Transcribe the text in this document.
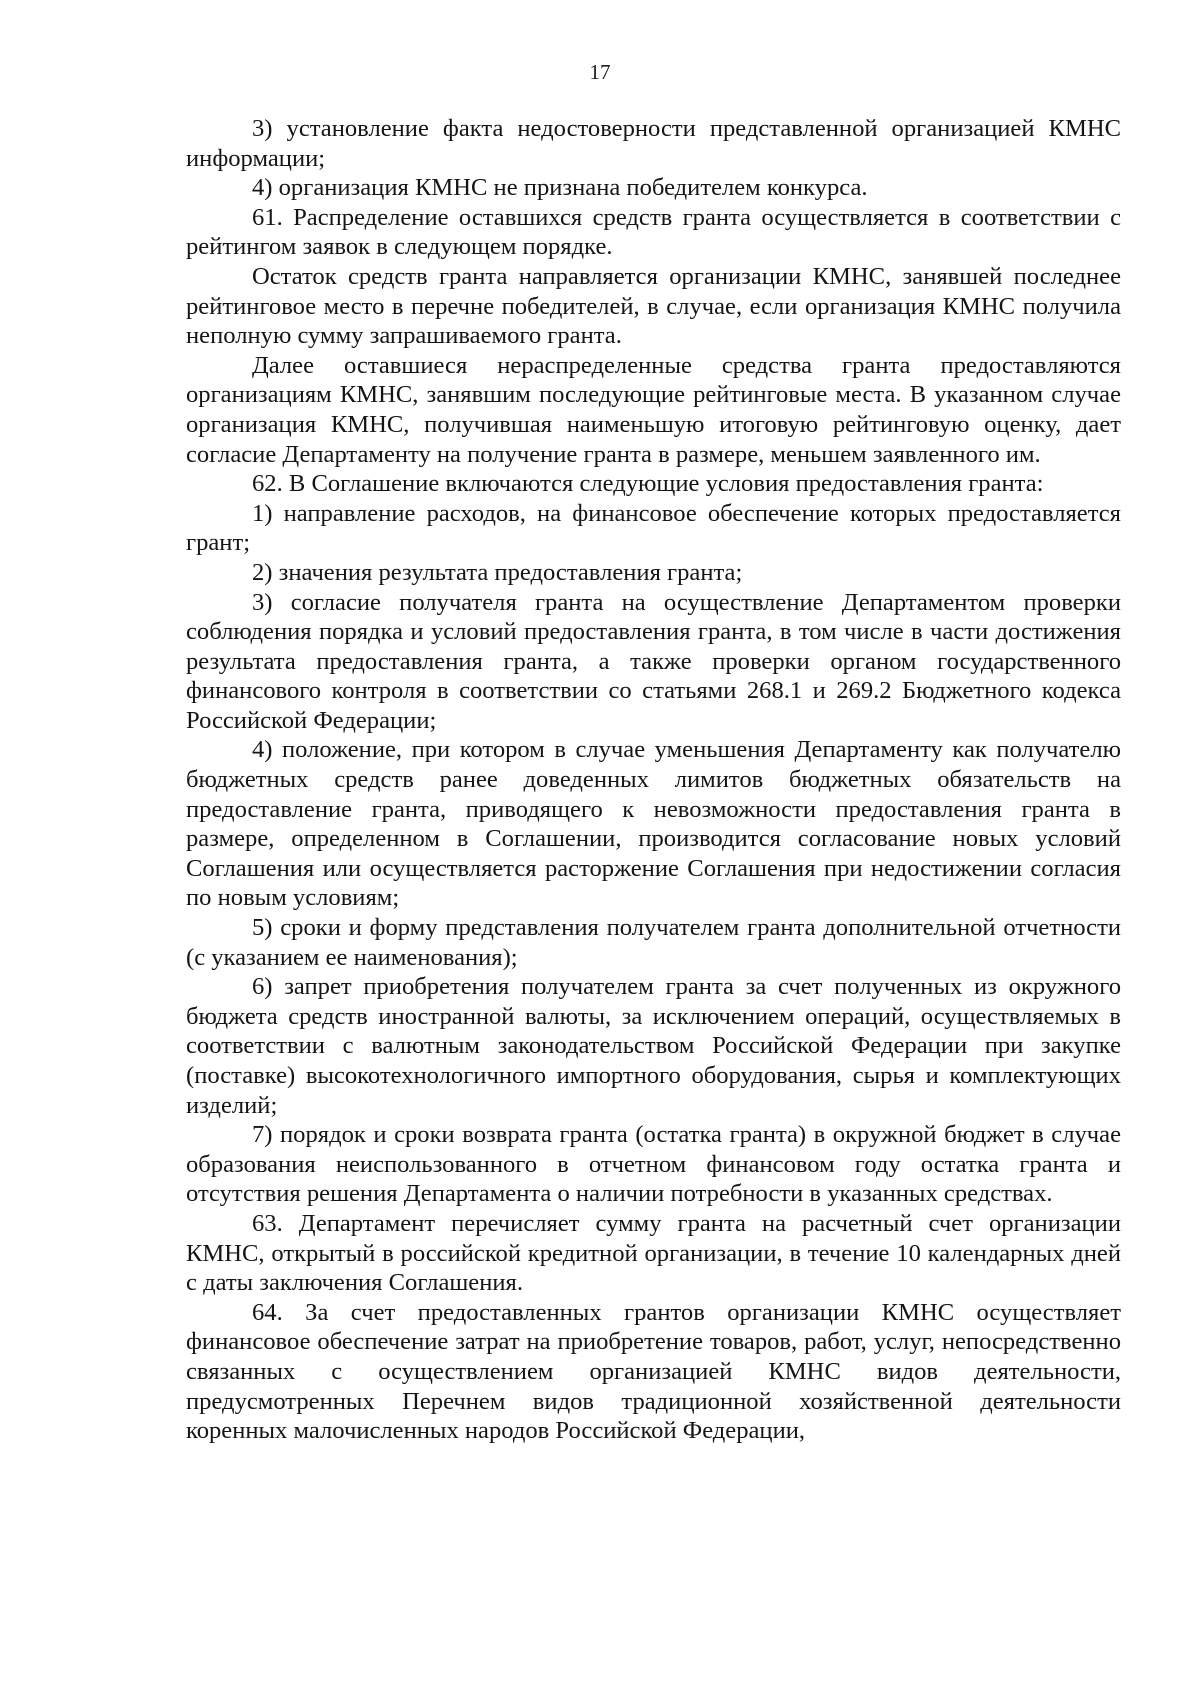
17

3) установление факта недостоверности представленной организацией КМНС информации;

4) организация КМНС не признана победителем конкурса.

61. Распределение оставшихся средств гранта осуществляется в соответствии с рейтингом заявок в следующем порядке.

Остаток средств гранта направляется организации КМНС, занявшей последнее рейтинговое место в перечне победителей, в случае, если организация КМНС получила неполную сумму запрашиваемого гранта.

Далее оставшиеся нераспределенные средства гранта предоставляются организациям КМНС, занявшим последующие рейтинговые места. В указанном случае организация КМНС, получившая наименьшую итоговую рейтинговую оценку, дает согласие Департаменту на получение гранта в размере, меньшем заявленного им.

62. В Соглашение включаются следующие условия предоставления гранта:

1) направление расходов, на финансовое обеспечение которых предоставляется грант;

2) значения результата предоставления гранта;

3) согласие получателя гранта на осуществление Департаментом проверки соблюдения порядка и условий предоставления гранта, в том числе в части достижения результата предоставления гранта, а также проверки органом государственного финансового контроля в соответствии со статьями 268.1 и 269.2 Бюджетного кодекса Российской Федерации;

4) положение, при котором в случае уменьшения Департаменту как получателю бюджетных средств ранее доведенных лимитов бюджетных обязательств на предоставление гранта, приводящего к невозможности предоставления гранта в размере, определенном в Соглашении, производится согласование новых условий Соглашения или осуществляется расторжение Соглашения при недостижении согласия по новым условиям;

5) сроки и форму представления получателем гранта дополнительной отчетности (с указанием ее наименования);

6) запрет приобретения получателем гранта за счет полученных из окружного бюджета средств иностранной валюты, за исключением операций, осуществляемых в соответствии с валютным законодательством Российской Федерации при закупке (поставке) высокотехнологичного импортного оборудования, сырья и комплектующих изделий;

7) порядок и сроки возврата гранта (остатка гранта) в окружной бюджет в случае образования неиспользованного в отчетном финансовом году остатка гранта и отсутствия решения Департамента о наличии потребности в указанных средствах.

63. Департамент перечисляет сумму гранта на расчетный счет организации КМНС, открытый в российской кредитной организации, в течение 10 календарных дней с даты заключения Соглашения.

64. За счет предоставленных грантов организации КМНС осуществляет финансовое обеспечение затрат на приобретение товаров, работ, услуг, непосредственно связанных с осуществлением организацией КМНС видов деятельности, предусмотренных Перечнем видов традиционной хозяйственной деятельности коренных малочисленных народов Российской Федерации,
